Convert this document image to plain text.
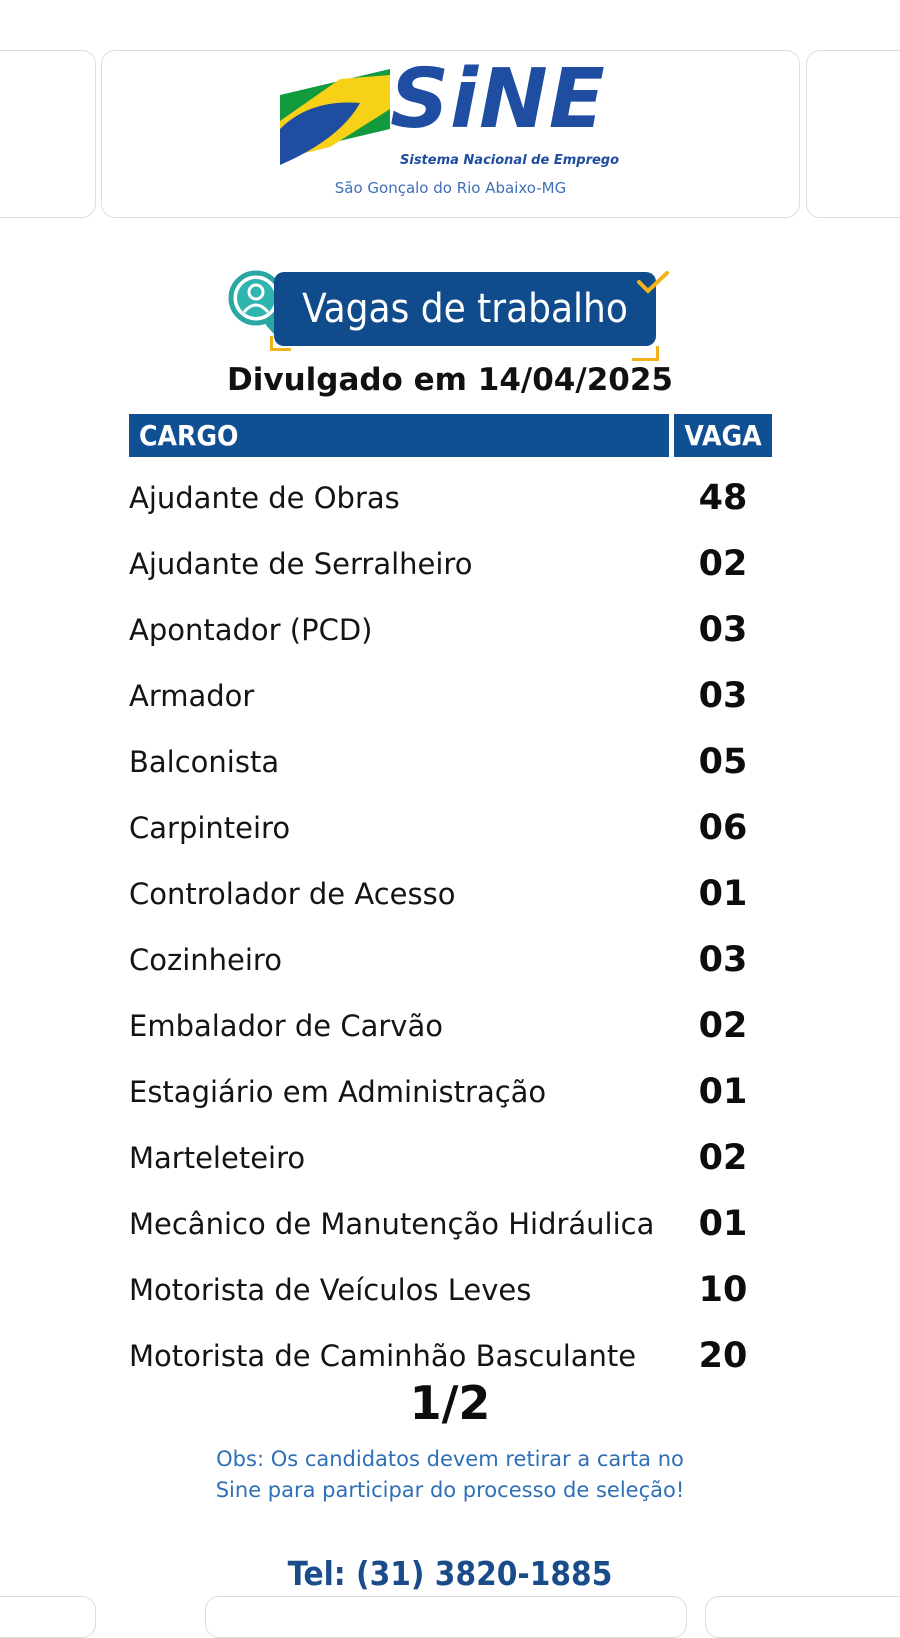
SiNE
Sistema Nacional de Emprego
São Gonçalo do Rio Abaixo-MG
Vagas de trabalho
Divulgado em 14/04/2025
CARGO	VAGA
Ajudante de Obras	48
Ajudante de Serralheiro	02
Apontador (PCD)	03
Armador	03
Balconista	05
Carpinteiro	06
Controlador de Acesso	01
Cozinheiro	03
Embalador de Carvão	02
Estagiário em Administração	01
Marteleteiro	02
Mecânico de Manutenção Hidráulica	01
Motorista de Veículos Leves	10
Motorista de Caminhão Basculante	20
1/2
Obs: Os candidatos devem retirar a carta no
Sine para participar do processo de seleção!
Tel: (31) 3820-1885
